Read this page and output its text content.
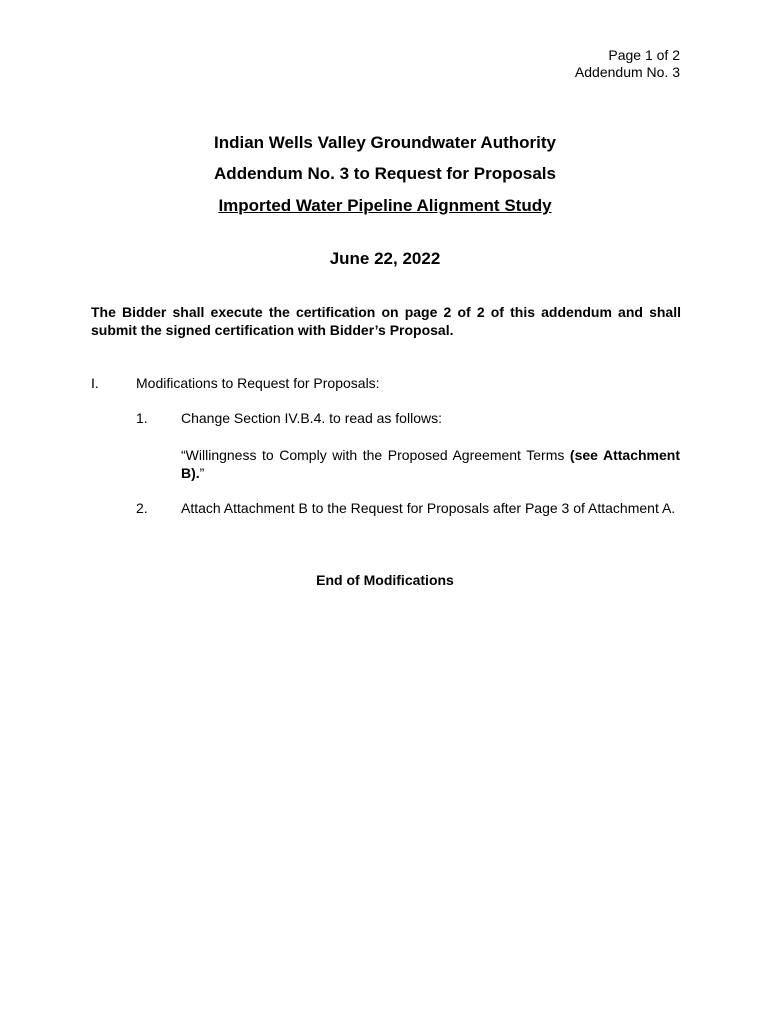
Page 1 of 2
Addendum No. 3
Indian Wells Valley Groundwater Authority
Addendum No. 3 to Request for Proposals
Imported Water Pipeline Alignment Study
June 22, 2022
The Bidder shall execute the certification on page 2 of 2 of this addendum and shall submit the signed certification with Bidder’s Proposal.
I.	Modifications to Request for Proposals:
1. Change Section IV.B.4. to read as follows:
“Willingness to Comply with the Proposed Agreement Terms (see Attachment B).”
2. Attach Attachment B to the Request for Proposals after Page 3 of Attachment A.
End of Modifications
